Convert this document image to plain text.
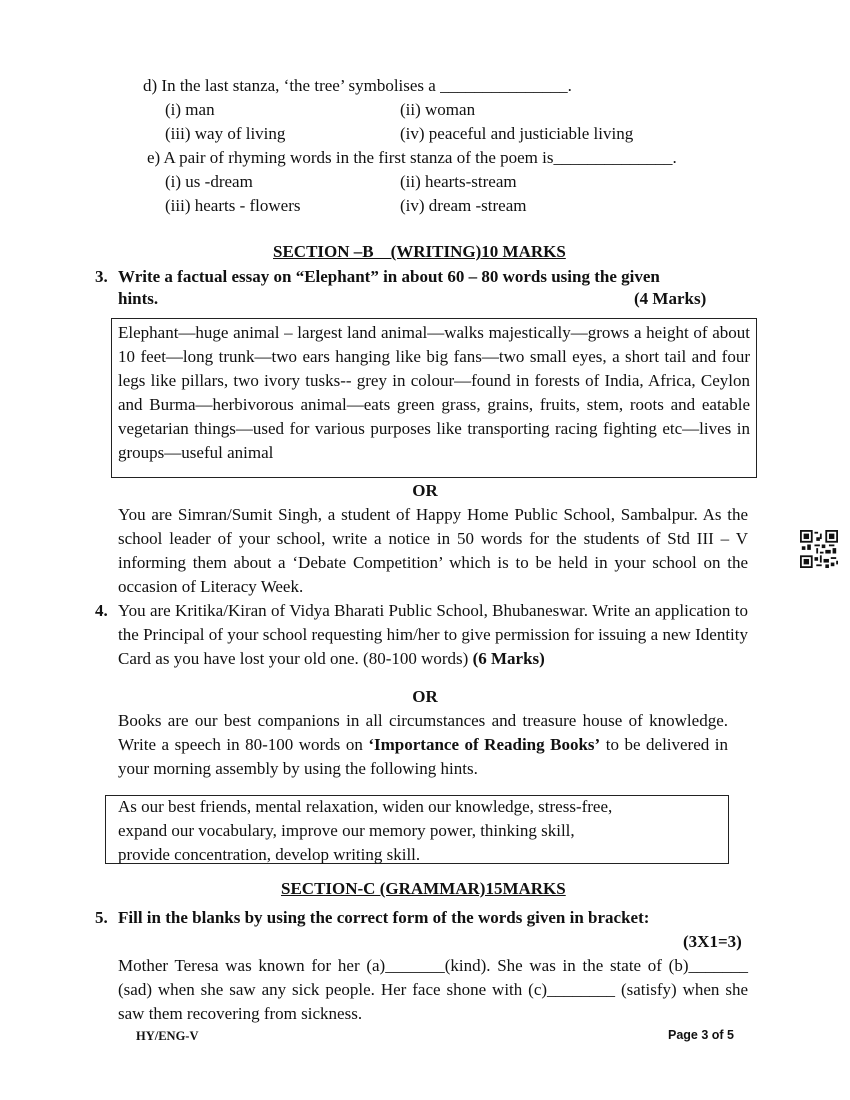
d) In the last stanza, ‘the tree’ symbolises a _______________.
(i) man	(ii) woman
(iii) way of living	(iv) peaceful and justiciable living
e) A pair of rhyming words in the first stanza of the poem is______________.
(i) us -dream	(ii) hearts-stream
(iii) hearts - flowers	(iv) dream -stream
SECTION –B    (WRITING)10 MARKS
3. Write a factual essay on “Elephant” in about 60 – 80 words using the given
hints.	(4 Marks)
Elephant—huge animal – largest land animal—walks majestically—grows a height of about 10 feet—long trunk—two ears hanging like big fans—two small eyes, a short tail and four legs like pillars, two ivory tusks-- grey in colour—found in forests of India, Africa, Ceylon and Burma—herbivorous animal—eats green grass, grains, fruits, stem, roots and eatable vegetarian things—used for various purposes like transporting racing fighting etc—lives in groups—useful animal
OR
You are Simran/Sumit Singh, a student of Happy Home Public School, Sambalpur. As the school leader of your school, write a notice in 50 words for the students of Std III – V informing them about a ‘Debate Competition’ which is to be held in your school on the occasion of Literacy Week.
4. You are Kritika/Kiran of Vidya Bharati Public School, Bhubaneswar. Write an application to the Principal of your school requesting him/her to give permission for issuing a new Identity Card as you have lost your old one. (80-100 words) (6 Marks)
OR
Books are our best companions in all circumstances and treasure house of knowledge. Write a speech in 80-100 words on ‘Importance of Reading Books’ to be delivered in your morning assembly by using the following hints.
As our best friends, mental relaxation, widen our knowledge, stress-free,
expand our vocabulary, improve our memory power, thinking skill,
provide concentration, develop writing skill.
SECTION-C (GRAMMAR)15MARKS
5. Fill in the blanks by using the correct form of the words given in bracket:
(3X1=3)
Mother Teresa was known for her (a)_______(kind). She was in the state of (b)_______ (sad) when she saw any sick people. Her face shone with (c)________ (satisfy) when she saw them recovering from sickness.
HY/ENG-V	Page 3 of 5
